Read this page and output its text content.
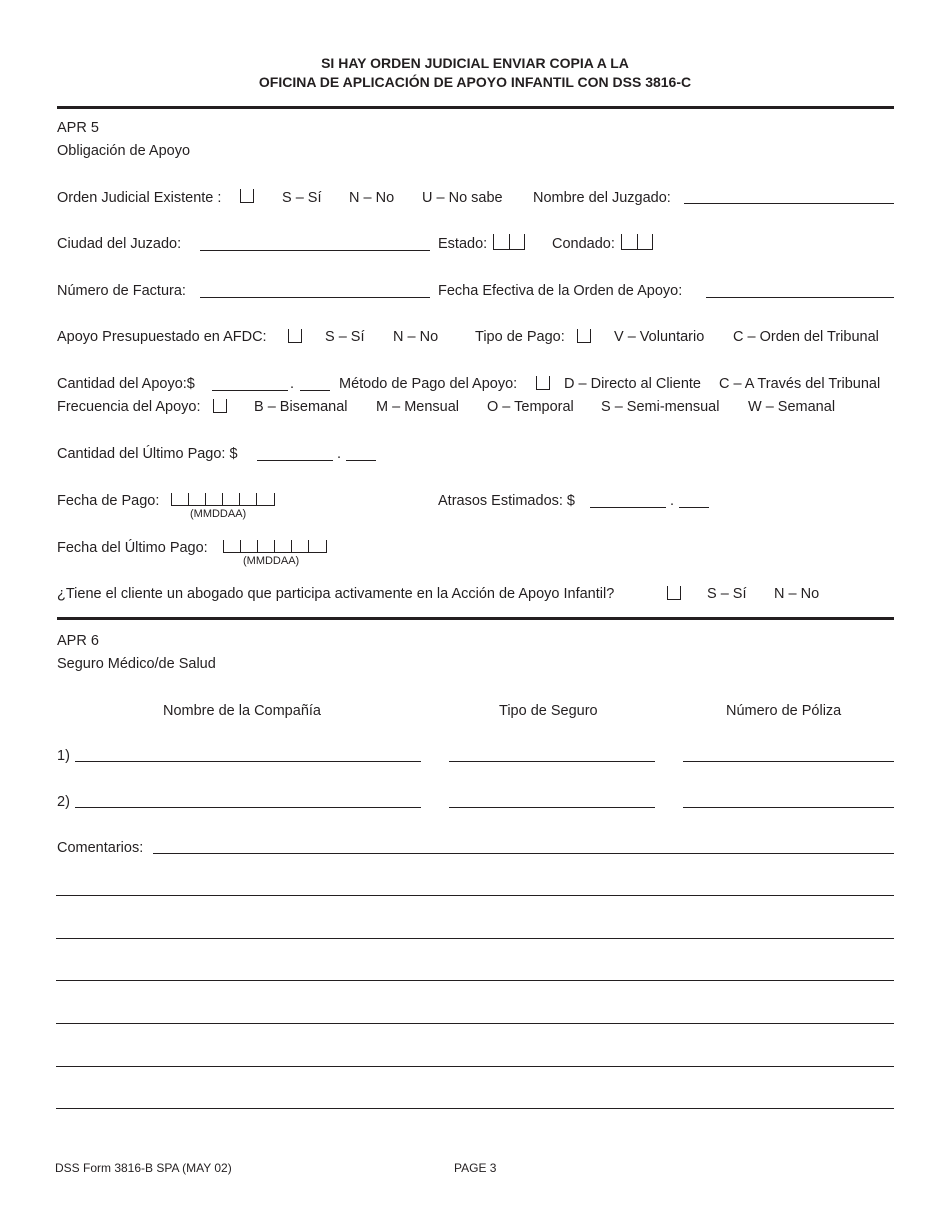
SI HAY ORDEN JUDICIAL ENVIAR COPIA A LA
OFICINA DE APLICACIÓN DE APOYO INFANTIL CON DSS 3816-C
APR 5
Obligación de Apoyo
Orden Judicial Existente :	S – Sí N – No U – No sabe Nombre del Juzgado:
Ciudad del Juzado:	Estado:	Condado:
Número de Factura:	Fecha Efectiva de la Orden de Apoyo:
Apoyo Presupuestado en AFDC:	S – Sí N – No	Tipo de Pago:	V – Voluntario C – Orden del Tribunal
Cantidad del Apoyo:$	.	Método de Pago del Apoyo:	D – Directo al Cliente C – A Través del Tribunal
Frecuencia del Apoyo:	B – Bisemanal M – Mensual O – Temporal S – Semi-mensual W – Semanal
Cantidad del Último Pago: $	.
Fecha de Pago:
(MMDDAA)
Atrasos Estimados: $	.
Fecha del Último Pago:
(MMDDAA)
¿Tiene el cliente un abogado que participa activamente en la Acción de Apoyo Infantil?	S – Sí N – No
APR 6
Seguro Médico/de Salud
Nombre de la Compañía	Tipo de Seguro	Número de Póliza
1)
2)
Comentarios:
DSS Form 3816-B SPA (MAY 02)	PAGE 3
